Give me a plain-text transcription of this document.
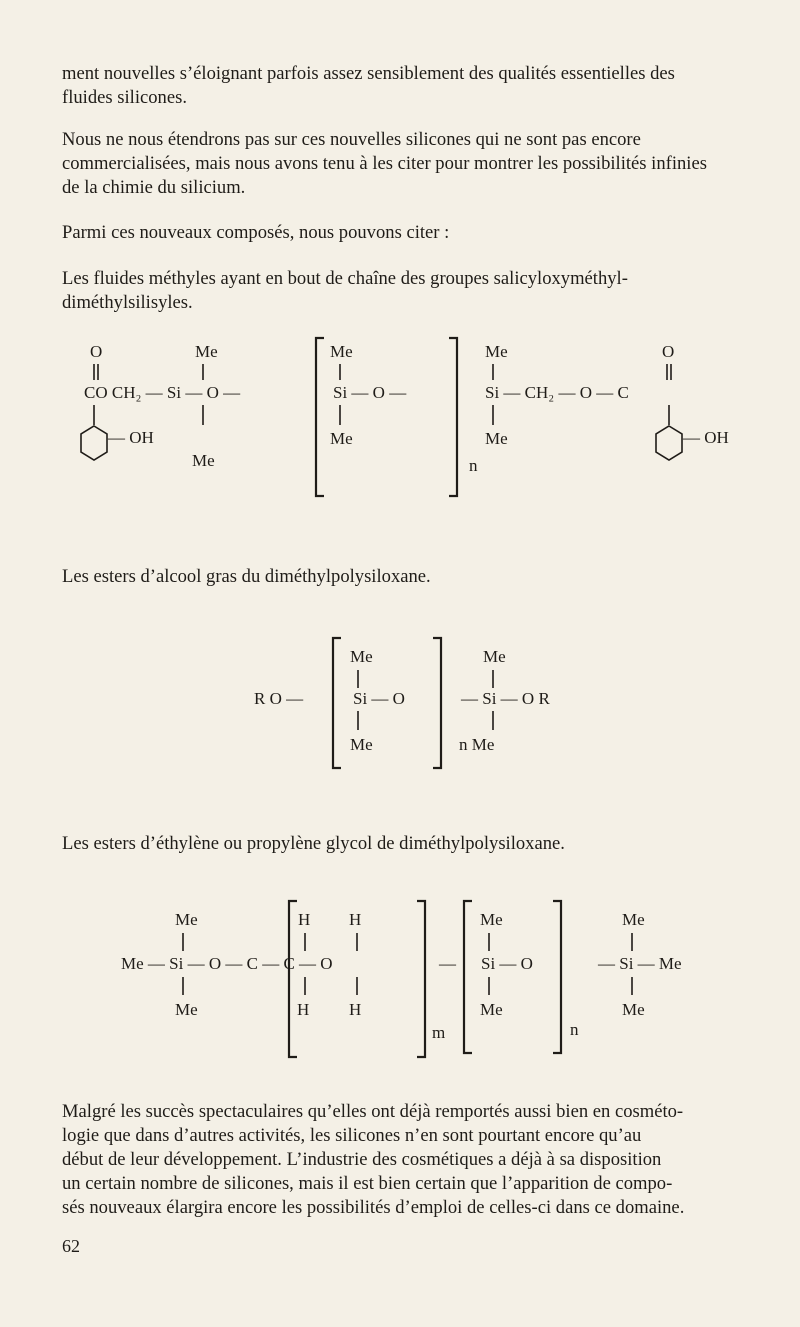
ment nouvelles s’éloignant parfois assez sensiblement des qualités essentielles des
fluides silicones.

Nous ne nous étendrons pas sur ces nouvelles silicones qui ne sont pas encore
commercialisées, mais nous avons tenu à les citer pour montrer les possibilités infinies
de la chimie du silicium.

Parmi ces nouveaux composés, nous pouvons citer :

Les fluides méthyles ayant en bout de chaîne des groupes salicyloxyméthyl-
diméthylsilisyles.

O	Me	Me	Me	O
CO CH₂ — Si — O —	Si — O —	Si — CH₂ — O — C
— OH	Me	Me	— OH
Me	n

Les esters d’alcool gras du diméthylpolysiloxane.

Me	Me
R O —	Si — O	— Si — O R
Me	n Me

Les esters d’éthylène ou propylène glycol de diméthylpolysiloxane.

Me	H H	Me	Me
Me — Si — O — C — C — O	— Si — O	— Si — Me
Me	H H	Me	Me
m	n

Malgré les succès spectaculaires qu’elles ont déjà remportés aussi bien en cosméto-
logie que dans d’autres activités, les silicones n’en sont pourtant encore qu’au
début de leur développement. L’industrie des cosmétiques a déjà à sa disposition
un certain nombre de silicones, mais il est bien certain que l’apparition de compo-
sés nouveaux élargira encore les possibilités d’emploi de celles-ci dans ce domaine.

62
